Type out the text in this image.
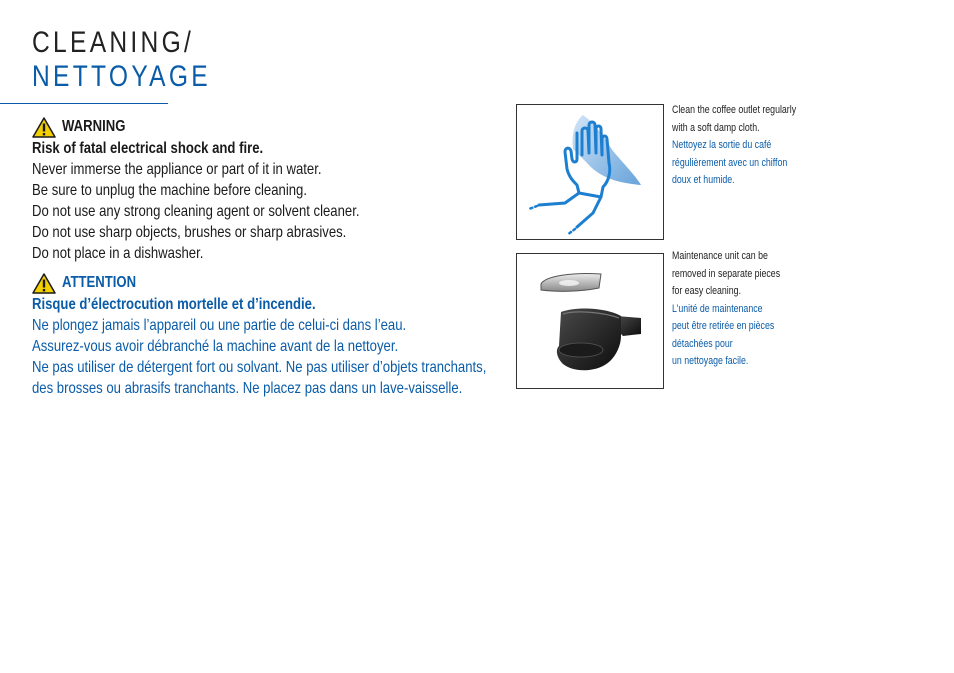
CLEANING/
NETTOYAGE
WARNING
Risk of fatal electrical shock and fire.
Never immerse the appliance or part of it in water.
Be sure to unplug the machine before cleaning.
Do not use any strong cleaning agent or solvent cleaner.
Do not use sharp objects, brushes or sharp abrasives.
Do not place in a dishwasher.
ATTENTION
Risque d’électrocution mortelle et d’incendie.
Ne plongez jamais l’appareil ou une partie de celui-ci dans l’eau.
Assurez-vous avoir débranché la machine avant de la nettoyer.
Ne pas utiliser de détergent fort ou solvant. Ne pas utiliser d’objets tranchants,
des brosses ou abrasifs tranchants. Ne placez pas dans un lave-vaisselle.
Clean the coffee outlet regularly
with a soft damp cloth.
Nettoyez la sortie du café
régulièrement avec un chiffon
doux et humide.
Maintenance unit can be
removed in separate pieces
for easy cleaning.
L’unité de maintenance
peut être retirée en pièces
détachées pour
un nettoyage facile.
